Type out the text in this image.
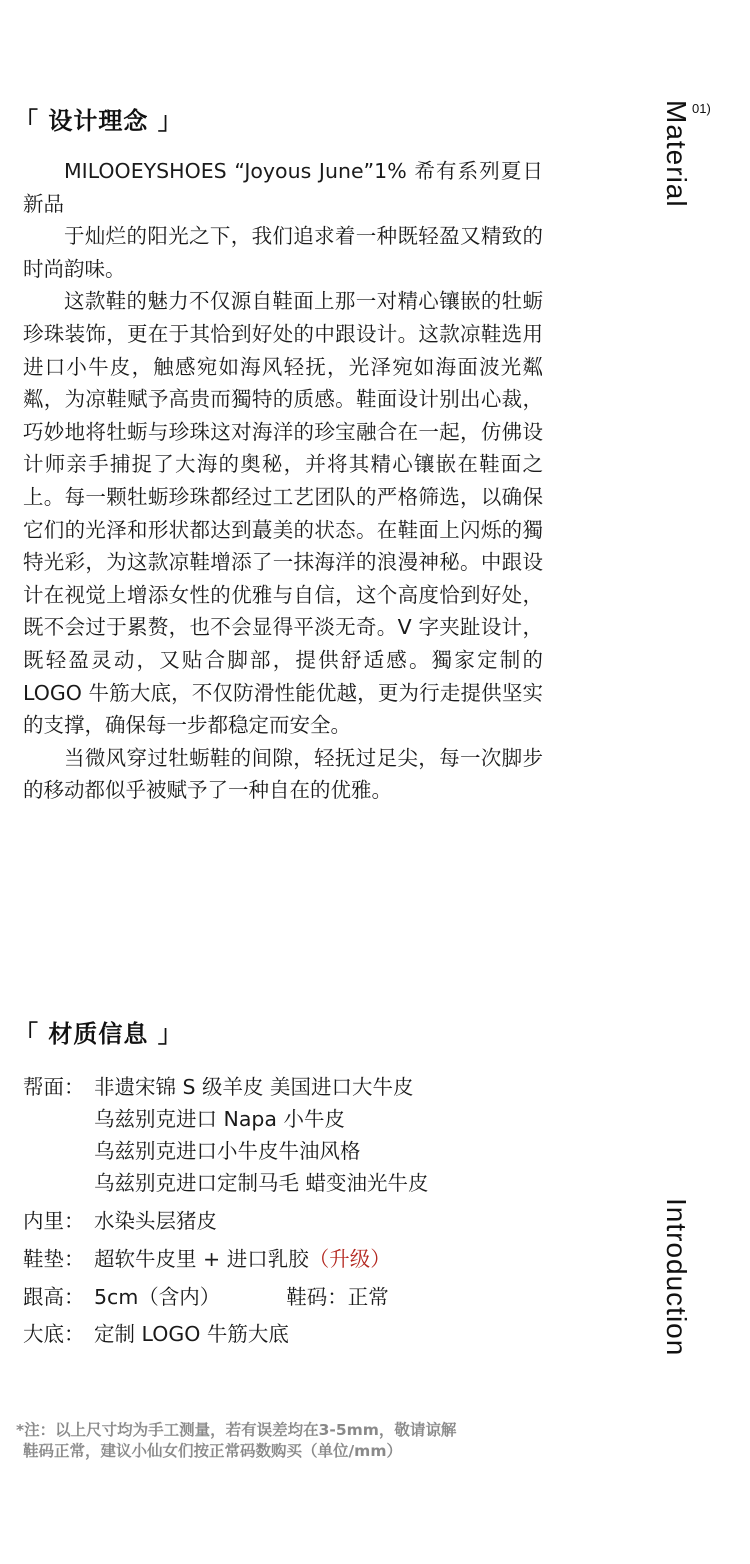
「 设计理念 」	Material 01)

MILOOEYSHOES “Joyous June”1% 希有系列夏日新品

于灿烂的阳光之下，我们追求着一种既轻盈又精致的时尚韵味。

这款鞋的魅力不仅源自鞋面上那一对精心镶嵌的牡蛎珍珠装饰，更在于其恰到好处的中跟设计。这款凉鞋选用进口小牛皮，触感宛如海风轻抚，光泽宛如海面波光粼粼，为凉鞋赋予高贵而獨特的质感。鞋面设计别出心裁，巧妙地将牡蛎与珍珠这对海洋的珍宝融合在一起，仿佛设计师亲手捕捉了大海的奥秘，并将其精心镶嵌在鞋面之上。每一颗牡蛎珍珠都经过工艺团队的严格筛选，以确保它们的光泽和形状都达到蕞美的状态。在鞋面上闪烁的獨特光彩，为这款凉鞋增添了一抹海洋的浪漫神秘。中跟设计在视觉上增添女性的优雅与自信，这个高度恰到好处，既不会过于累赘，也不会显得平淡无奇。V 字夹趾设计，既轻盈灵动，又贴合脚部，提供舒适感。獨家定制的 LOGO 牛筋大底，不仅防滑性能优越，更为行走提供坚实的支撑，确保每一步都稳定而安全。

当微风穿过牡蛎鞋的间隙，轻抚过足尖，每一次脚步的移动都似乎被赋予了一种自在的优雅。

「 材质信息 」
Introduction
帮面： 非遗宋锦 S 级羊皮 美国进口大牛皮
乌兹别克进口 Napa 小牛皮
乌兹别克进口小牛皮牛油风格
乌兹别克进口定制马毛 蜡变油光牛皮
内里： 水染头层猪皮
鞋垫： 超软牛皮里 + 进口乳胶（升级）
跟高： 5cm（含内）	鞋码：正常
大底： 定制 LOGO 牛筋大底
*注：以上尺寸均为手工测量，若有误差均在3-5mm，敬请谅解
鞋码正常，建议小仙女们按正常码数购买（单位/mm）
